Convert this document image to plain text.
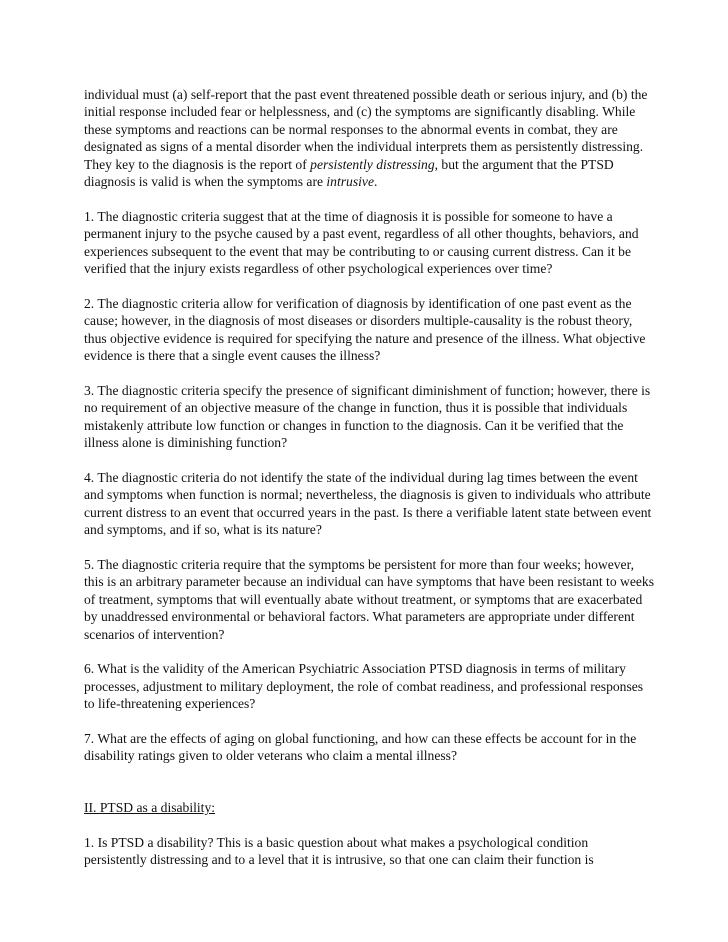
individual must (a) self-report that the past event threatened possible death or serious injury, and (b) the initial response included fear or helplessness, and (c) the symptoms are significantly disabling. While these symptoms and reactions can be normal responses to the abnormal events in combat, they are designated as signs of a mental disorder when the individual interprets them as persistently distressing. They key to the diagnosis is the report of persistently distressing, but the argument that the PTSD diagnosis is valid is when the symptoms are intrusive.

1. The diagnostic criteria suggest that at the time of diagnosis it is possible for someone to have a permanent injury to the psyche caused by a past event, regardless of all other thoughts, behaviors, and experiences subsequent to the event that may be contributing to or causing current distress. Can it be verified that the injury exists regardless of other psychological experiences over time?

2. The diagnostic criteria allow for verification of diagnosis by identification of one past event as the cause; however, in the diagnosis of most diseases or disorders multiple-causality is the robust theory, thus objective evidence is required for specifying the nature and presence of the illness. What objective evidence is there that a single event causes the illness?

3. The diagnostic criteria specify the presence of significant diminishment of function; however, there is no requirement of an objective measure of the change in function, thus it is possible that individuals mistakenly attribute low function or changes in function to the diagnosis. Can it be verified that the illness alone is diminishing function?

4. The diagnostic criteria do not identify the state of the individual during lag times between the event and symptoms when function is normal; nevertheless, the diagnosis is given to individuals who attribute current distress to an event that occurred years in the past. Is there a verifiable latent state between event and symptoms, and if so, what is its nature?

5. The diagnostic criteria require that the symptoms be persistent for more than four weeks; however, this is an arbitrary parameter because an individual can have symptoms that have been resistant to weeks of treatment, symptoms that will eventually abate without treatment, or symptoms that are exacerbated by unaddressed environmental or behavioral factors. What parameters are appropriate under different scenarios of intervention?

6. What is the validity of the American Psychiatric Association PTSD diagnosis in terms of military processes, adjustment to military deployment, the role of combat readiness, and professional responses to life-threatening experiences?

7. What are the effects of aging on global functioning, and how can these effects be account for in the disability ratings given to older veterans who claim a mental illness?

II. PTSD as a disability:

1. Is PTSD a disability? This is a basic question about what makes a psychological condition persistently distressing and to a level that it is intrusive, so that one can claim their function is
